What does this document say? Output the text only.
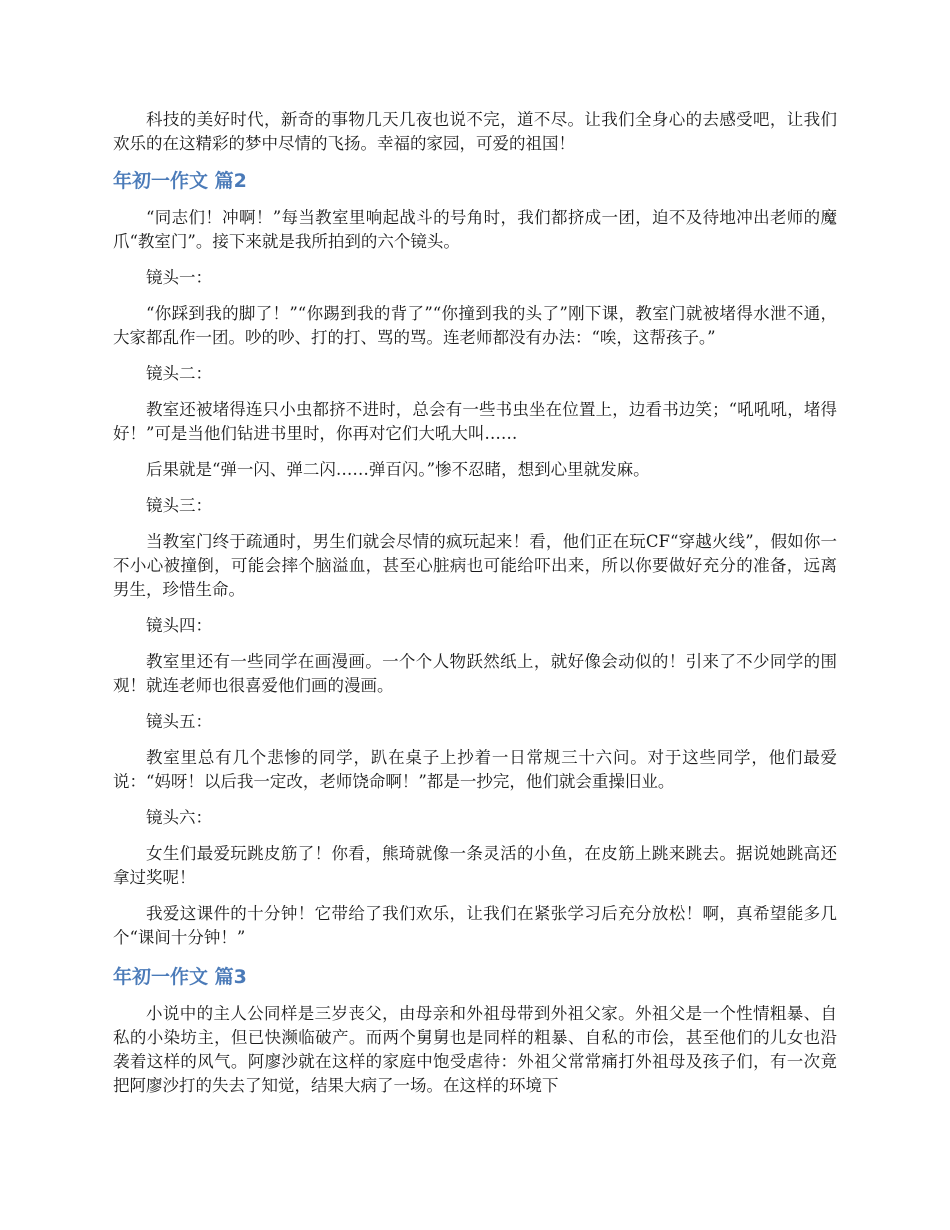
科技的美好时代，新奇的事物几天几夜也说不完，道不尽。让我们全身心的去感受吧，让我们欢乐的在这精彩的梦中尽情的飞扬。幸福的家园，可爱的祖国！

年初一作文 篇2

“同志们！冲啊！”每当教室里响起战斗的号角时，我们都挤成一团，迫不及待地冲出老师的魔爪“教室门”。接下来就是我所拍到的六个镜头。

镜头一：

“你踩到我的脚了！”“你踢到我的背了”“你撞到我的头了”刚下课，教室门就被堵得水泄不通，大家都乱作一团。吵的吵、打的打、骂的骂。连老师都没有办法：“唉，这帮孩子。”

镜头二：

教室还被堵得连只小虫都挤不进时，总会有一些书虫坐在位置上，边看书边笑；“吼吼吼，堵得好！”可是当他们钻进书里时，你再对它们大吼大叫……

后果就是“弹一闪、弹二闪……弹百闪。”惨不忍睹，想到心里就发麻。

镜头三：

当教室门终于疏通时，男生们就会尽情的疯玩起来！看，他们正在玩CF“穿越火线”，假如你一不小心被撞倒，可能会摔个脑溢血，甚至心脏病也可能给吓出来，所以你要做好充分的准备，远离男生，珍惜生命。

镜头四：

教室里还有一些同学在画漫画。一个个人物跃然纸上，就好像会动似的！引来了不少同学的围观！就连老师也很喜爱他们画的漫画。

镜头五：

教室里总有几个悲惨的同学，趴在桌子上抄着一日常规三十六问。对于这些同学，他们最爱说：“妈呀！以后我一定改，老师饶命啊！”都是一抄完，他们就会重操旧业。

镜头六：

女生们最爱玩跳皮筋了！你看，熊琦就像一条灵活的小鱼，在皮筋上跳来跳去。据说她跳高还拿过奖呢！

我爱这课件的十分钟！它带给了我们欢乐，让我们在紧张学习后充分放松！啊，真希望能多几个“课间十分钟！”

年初一作文 篇3

小说中的主人公同样是三岁丧父，由母亲和外祖母带到外祖父家。外祖父是一个性情粗暴、自私的小染坊主，但已快濒临破产。而两个舅舅也是同样的粗暴、自私的市侩，甚至他们的儿女也沿袭着这样的风气。阿廖沙就在这样的家庭中饱受虐待：外祖父常常痛打外祖母及孩子们，有一次竟把阿廖沙打的失去了知觉，结果大病了一场。在这样的环境下
